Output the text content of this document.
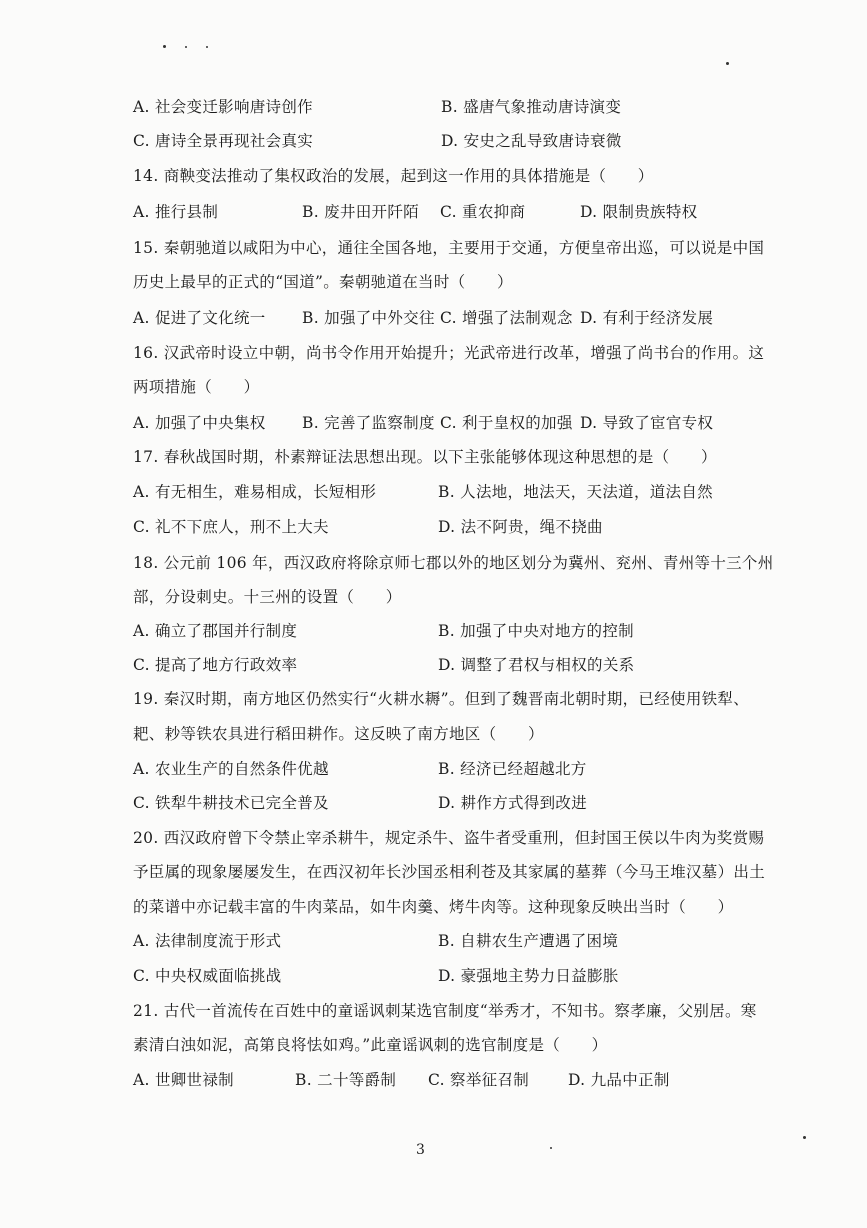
A. 社会变迁影响唐诗创作	B. 盛唐气象推动唐诗演变
C. 唐诗全景再现社会真实	D. 安史之乱导致唐诗衰微
14. 商鞅变法推动了集权政治的发展，起到这一作用的具体措施是（　　）
A. 推行县制	B. 废井田开阡陌 C. 重农抑商	D. 限制贵族特权
15. 秦朝驰道以咸阳为中心，通往全国各地，主要用于交通，方便皇帝出巡，可以说是中国
历史上最早的正式的“国道”。秦朝驰道在当时（　　）
A. 促进了文化统一 B. 加强了中外交往 C. 增强了法制观念 D. 有利于经济发展
16. 汉武帝时设立中朝，尚书令作用开始提升；光武帝进行改革，增强了尚书台的作用。这
两项措施（　　）
A. 加强了中央集权 B. 完善了监察制度 C. 利于皇权的加强 D. 导致了宦官专权
17. 春秋战国时期，朴素辩证法思想出现。以下主张能够体现这种思想的是（　　）
A. 有无相生，难易相成，长短相形	B. 人法地，地法天，天法道，道法自然
C. 礼不下庶人，刑不上大夫	D. 法不阿贵，绳不挠曲
18. 公元前 106 年，西汉政府将除京师七郡以外的地区划分为冀州、兖州、青州等十三个州
部，分设刺史。十三州的设置（　　）
A. 确立了郡国并行制度	B. 加强了中央对地方的控制
C. 提高了地方行政效率	D. 调整了君权与相权的关系
19. 秦汉时期，南方地区仍然实行“火耕水耨”。但到了魏晋南北朝时期，已经使用铁犁、
耙、耖等铁农具进行稻田耕作。这反映了南方地区（　　）
A. 农业生产的自然条件优越	B. 经济已经超越北方
C. 铁犁牛耕技术已完全普及	D. 耕作方式得到改进
20. 西汉政府曾下令禁止宰杀耕牛，规定杀牛、盗牛者受重刑，但封国王侯以牛肉为奖赏赐
予臣属的现象屡屡发生，在西汉初年长沙国丞相利苍及其家属的墓葬（今马王堆汉墓）出土
的菜谱中亦记载丰富的牛肉菜品，如牛肉羹、烤牛肉等。这种现象反映出当时（　　）
A. 法律制度流于形式	B. 自耕农生产遭遇了困境
C. 中央权威面临挑战	D. 豪强地主势力日益膨胀
21. 古代一首流传在百姓中的童谣讽刺某选官制度“举秀才，不知书。察孝廉，父别居。寒
素清白浊如泥，高第良将怯如鸡。”此童谣讽刺的选官制度是（　　）
A. 世卿世禄制	B. 二十等爵制 C. 察举征召制	D. 九品中正制
3
